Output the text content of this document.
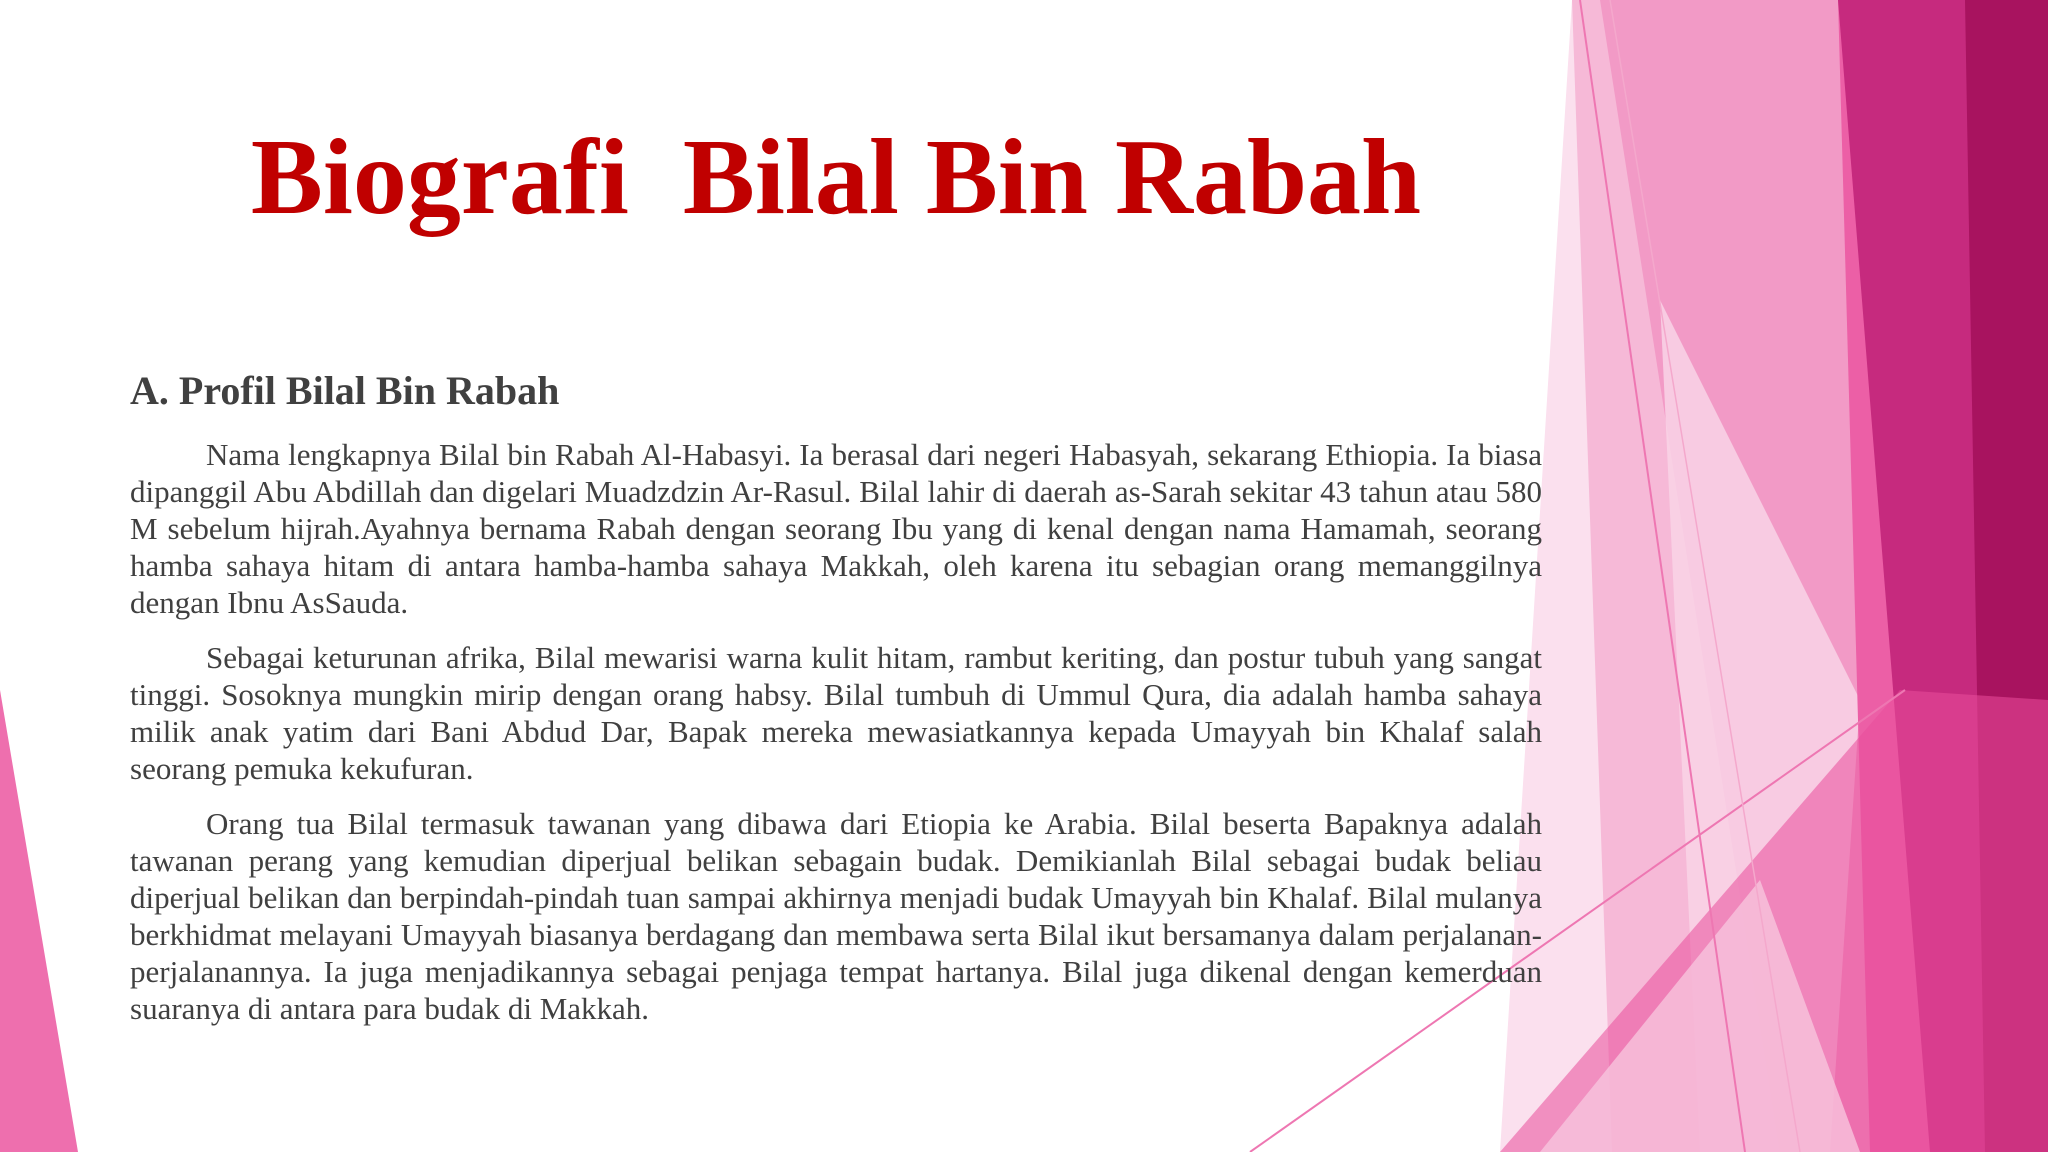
Biografi  Bilal Bin Rabah
A. Profil Bilal Bin Rabah

Nama lengkapnya Bilal bin Rabah Al-Habasyi. Ia berasal dari negeri Habasyah, sekarang Ethiopia. Ia biasa dipanggil Abu Abdillah dan digelari Muadzdzin Ar-Rasul. Bilal lahir di daerah as-Sarah sekitar 43 tahun atau 580 M sebelum hijrah.Ayahnya bernama Rabah dengan seorang Ibu yang di kenal dengan nama Hamamah, seorang hamba sahaya hitam di antara hamba-hamba sahaya Makkah, oleh karena itu sebagian orang memanggilnya dengan Ibnu AsSauda.

Sebagai keturunan afrika, Bilal mewarisi warna kulit hitam, rambut keriting, dan postur tubuh yang sangat tinggi. Sosoknya mungkin mirip dengan orang habsy. Bilal tumbuh di Ummul Qura, dia adalah hamba sahaya milik anak yatim dari Bani Abdud Dar, Bapak mereka mewasiatkannya kepada Umayyah bin Khalaf salah seorang pemuka kekufuran.

Orang tua Bilal termasuk tawanan yang dibawa dari Etiopia ke Arabia. Bilal beserta Bapaknya adalah tawanan perang yang kemudian diperjual belikan sebagain budak. Demikianlah Bilal sebagai budak beliau diperjual belikan dan berpindah-pindah tuan sampai akhirnya menjadi budak Umayyah bin Khalaf. Bilal mulanya berkhidmat melayani Umayyah biasanya berdagang dan membawa serta Bilal ikut bersamanya dalam perjalanan-perjalanannya. Ia juga menjadikannya sebagai penjaga tempat hartanya. Bilal juga dikenal dengan kemerduan suaranya di antara para budak di Makkah.
